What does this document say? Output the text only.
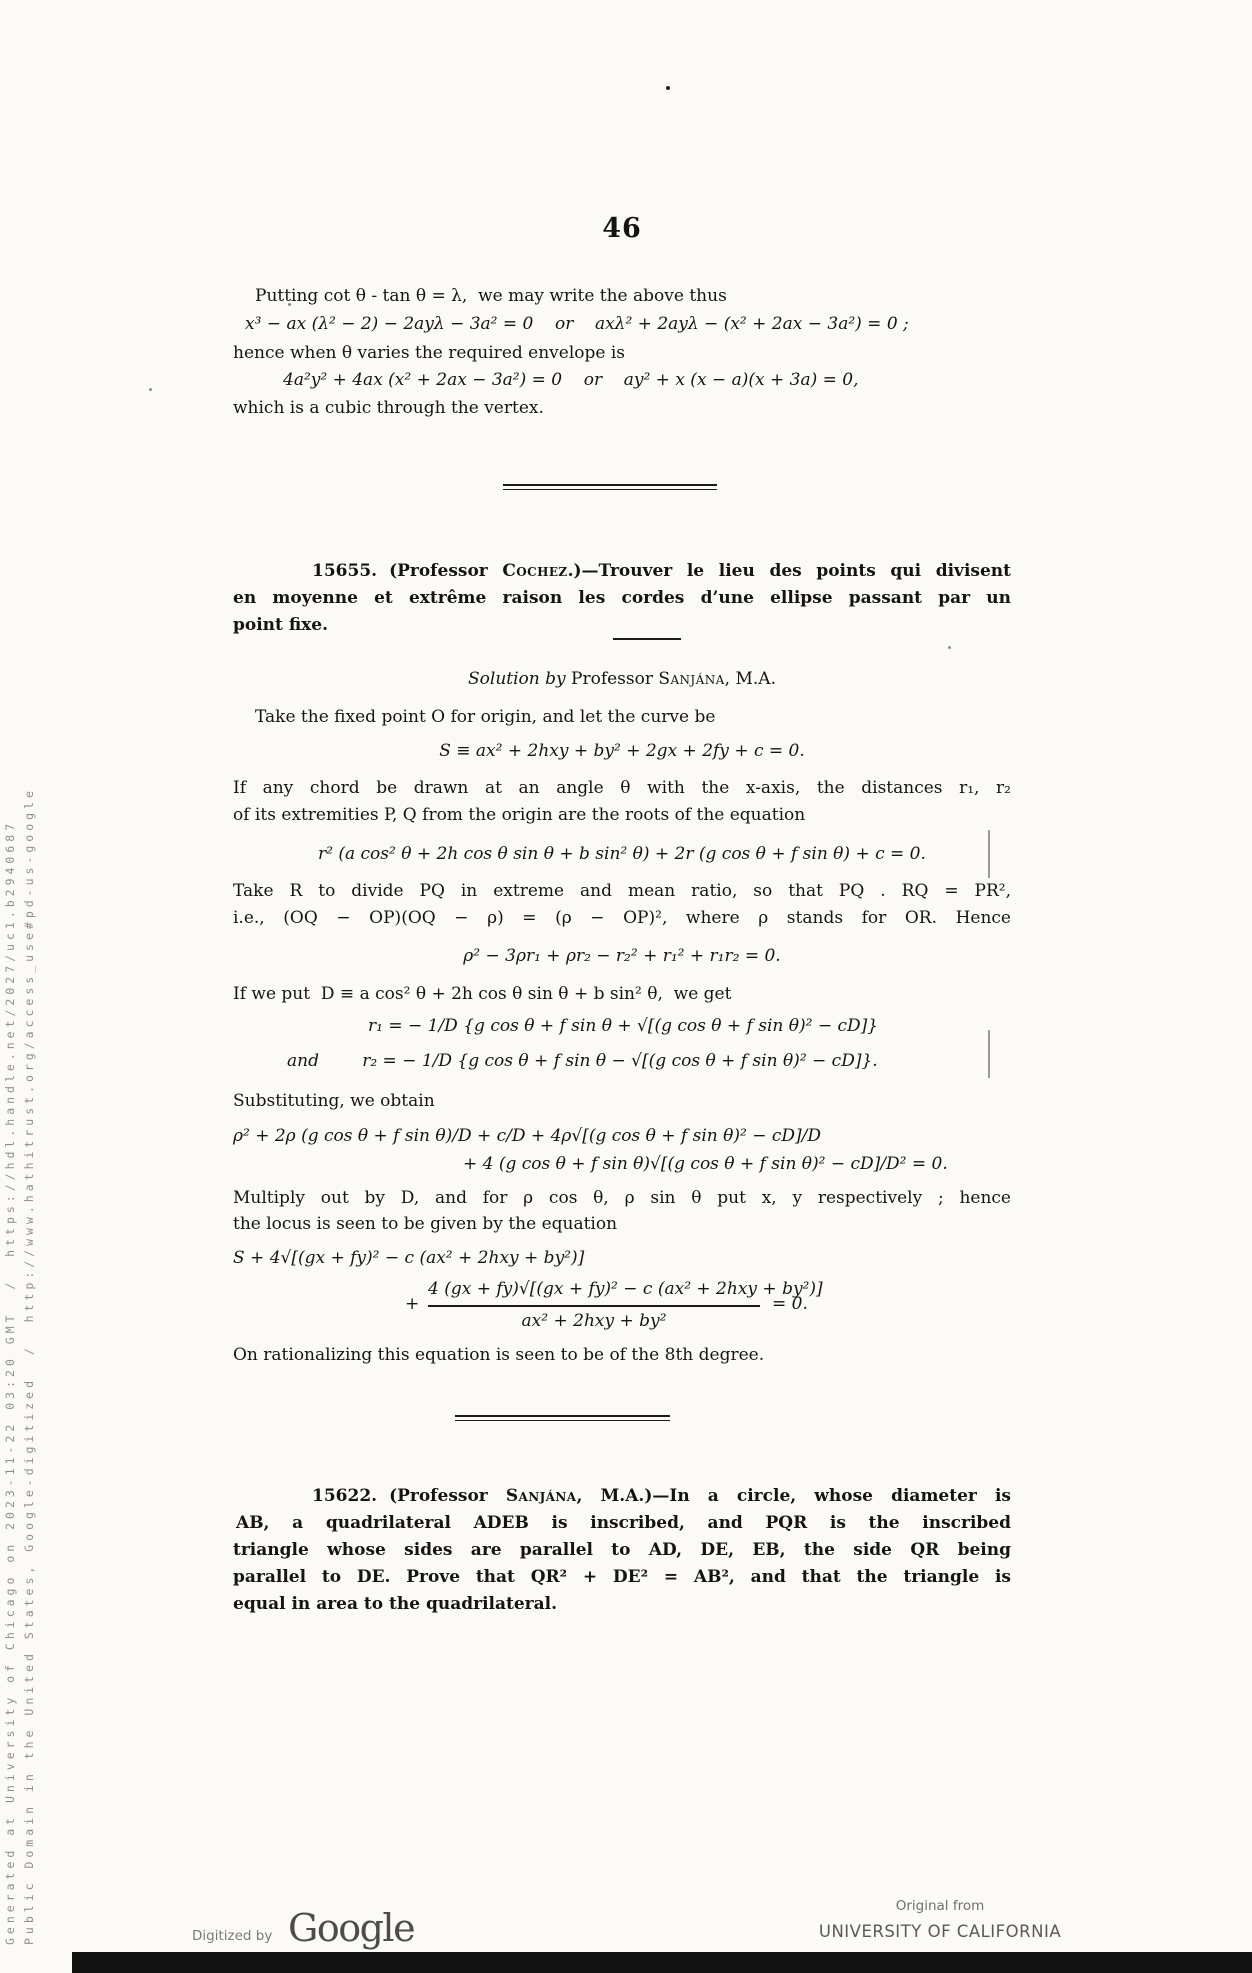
Generated at University of Chicago on 2023-11-22 03:20 GMT  /  https://hdl.handle.net/2027/uc1.b2940687 Public Domain in the United States, Google-digitized  /  http://www.hathitrust.org/access_use#pd-us-google
46
Putting cot θ - tan θ = λ,  we may write the above thus
x³ − ax (λ² − 2) − 2ayλ − 3a² = 0    or    axλ² + 2ayλ − (x² + 2ax − 3a²) = 0 ;
hence when θ varies the required envelope is
4a²y² + 4ax (x² + 2ax − 3a²) = 0    or    ay² + x (x − a)(x + 3a) = 0,
which is a cubic through the vertex.
15655. (Professor Cochez.)—Trouver le lieu des points qui divisent
en moyenne et extrême raison les cordes d’une ellipse passant par un
point fixe.
Solution by Professor Sanjána, M.A.
Take the fixed point O for origin, and let the curve be
S ≡ ax² + 2hxy + by² + 2gx + 2fy + c = 0.
If any chord be drawn at an angle θ with the x-axis, the distances r₁, r₂
of its extremities P, Q from the origin are the roots of the equation
r² (a cos² θ + 2h cos θ sin θ + b sin² θ) + 2r (g cos θ + f sin θ) + c = 0.
Take R to divide PQ in extreme and mean ratio, so that PQ . RQ = PR²,
i.e., (OQ − OP)(OQ − ρ) = (ρ − OP)², where ρ stands for OR. Hence
ρ² − 3ρr₁ + ρr₂ − r₂² + r₁² + r₁r₂ = 0.
If we put  D ≡ a cos² θ + 2h cos θ sin θ + b sin² θ,  we get
r₁ = − 1/D {g cos θ + f sin θ + √[(g cos θ + f sin θ)² − cD]}
and        r₂ = − 1/D {g cos θ + f sin θ − √[(g cos θ + f sin θ)² − cD]}.
Substituting, we obtain
ρ² + 2ρ (g cos θ + f sin θ)/D + c/D + 4ρ√[(g cos θ + f sin θ)² − cD]/D
+ 4 (g cos θ + f sin θ)√[(g cos θ + f sin θ)² − cD]/D² = 0.
Multiply out by D, and for ρ cos θ, ρ sin θ put x, y respectively ; hence
the locus is seen to be given by the equation
S + 4√[(gx + fy)² − c (ax² + 2hxy + by²)]
+
4 (gx + fy)√[(gx + fy)² − c (ax² + 2hxy + by²)]
ax² + 2hxy + by²
= 0.
On rationalizing this equation is seen to be of the 8th degree.
15622. (Professor Sanjána, M.A.)—In a circle, whose diameter is
AB, a quadrilateral ADEB is inscribed, and PQR is the inscribed
triangle whose sides are parallel to AD, DE, EB, the side QR being
parallel to DE. Prove that QR² + DE² = AB², and that the triangle is
equal in area to the quadrilateral.
Digitized by Google	Original from
UNIVERSITY OF CALIFORNIA
